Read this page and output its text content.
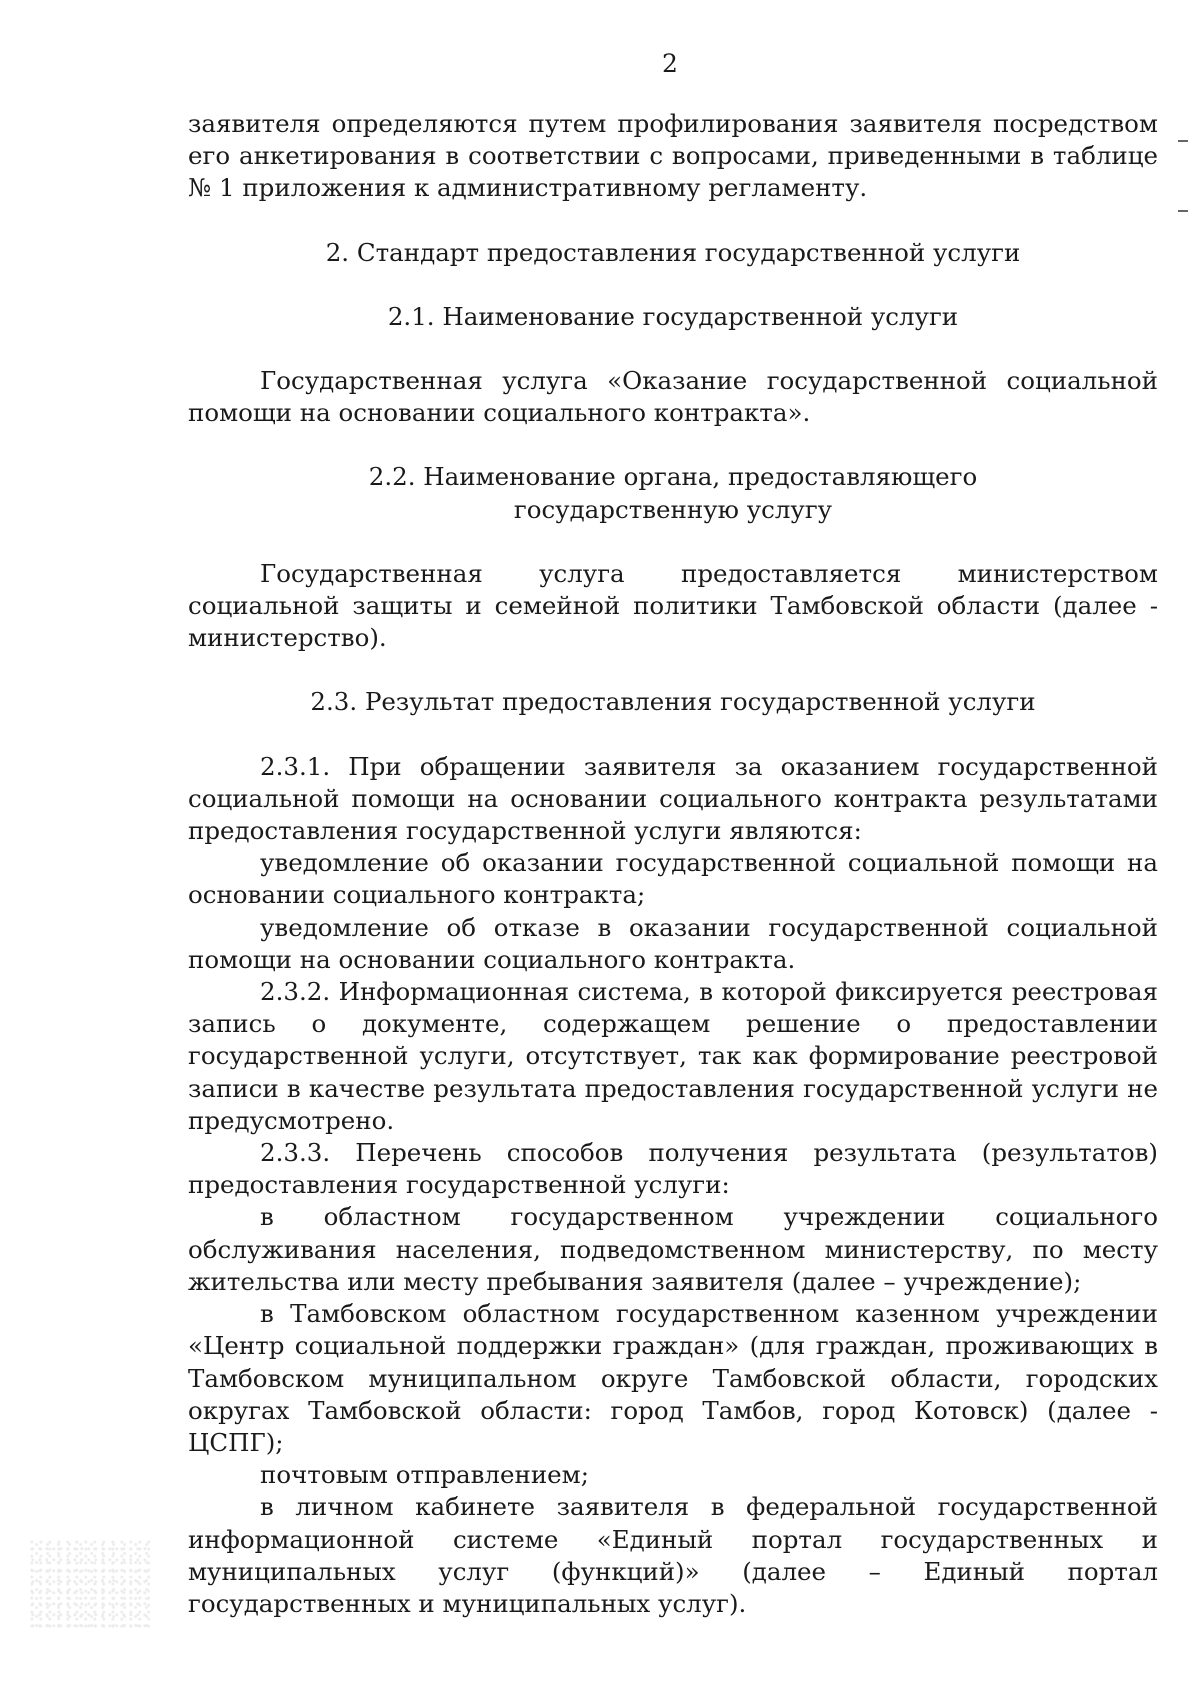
2

заявителя определяются путем профилирования заявителя посредством его анкетирования в соответствии с вопросами, приведенными в таблице № 1 приложения к административному регламенту.

2. Стандарт предоставления государственной услуги

2.1. Наименование государственной услуги

Государственная услуга «Оказание государственной социальной помощи на основании социального контракта».

2.2. Наименование органа, предоставляющего

государственную услугу

Государственная услуга предоставляется министерством социальной защиты и семейной политики Тамбовской области (далее - министерство).

2.3. Результат предоставления государственной услуги

2.3.1. При обращении заявителя за оказанием государственной социальной помощи на основании социального контракта результатами предоставления государственной услуги являются:

уведомление об оказании государственной социальной помощи на основании социального контракта;

уведомление об отказе в оказании государственной социальной помощи на основании социального контракта.

2.3.2. Информационная система, в которой фиксируется реестровая запись о документе, содержащем решение о предоставлении государственной услуги, отсутствует, так как формирование реестровой записи в качестве результата предоставления государственной услуги не предусмотрено.

2.3.3. Перечень способов получения результата (результатов) предоставления государственной услуги:

в областном государственном учреждении социального обслуживания населения, подведомственном министерству, по месту жительства или месту пребывания заявителя (далее – учреждение);

в Тамбовском областном государственном казенном учреждении «Центр социальной поддержки граждан» (для граждан, проживающих в Тамбовском муниципальном округе Тамбовской области, городских округах Тамбовской области: город Тамбов, город Котовск) (далее - ЦСПГ);

почтовым отправлением;

в личном кабинете заявителя в федеральной государственной информационной системе «Единый портал государственных и муниципальных услуг (функций)» (далее – Единый портал государственных и муниципальных услуг).
